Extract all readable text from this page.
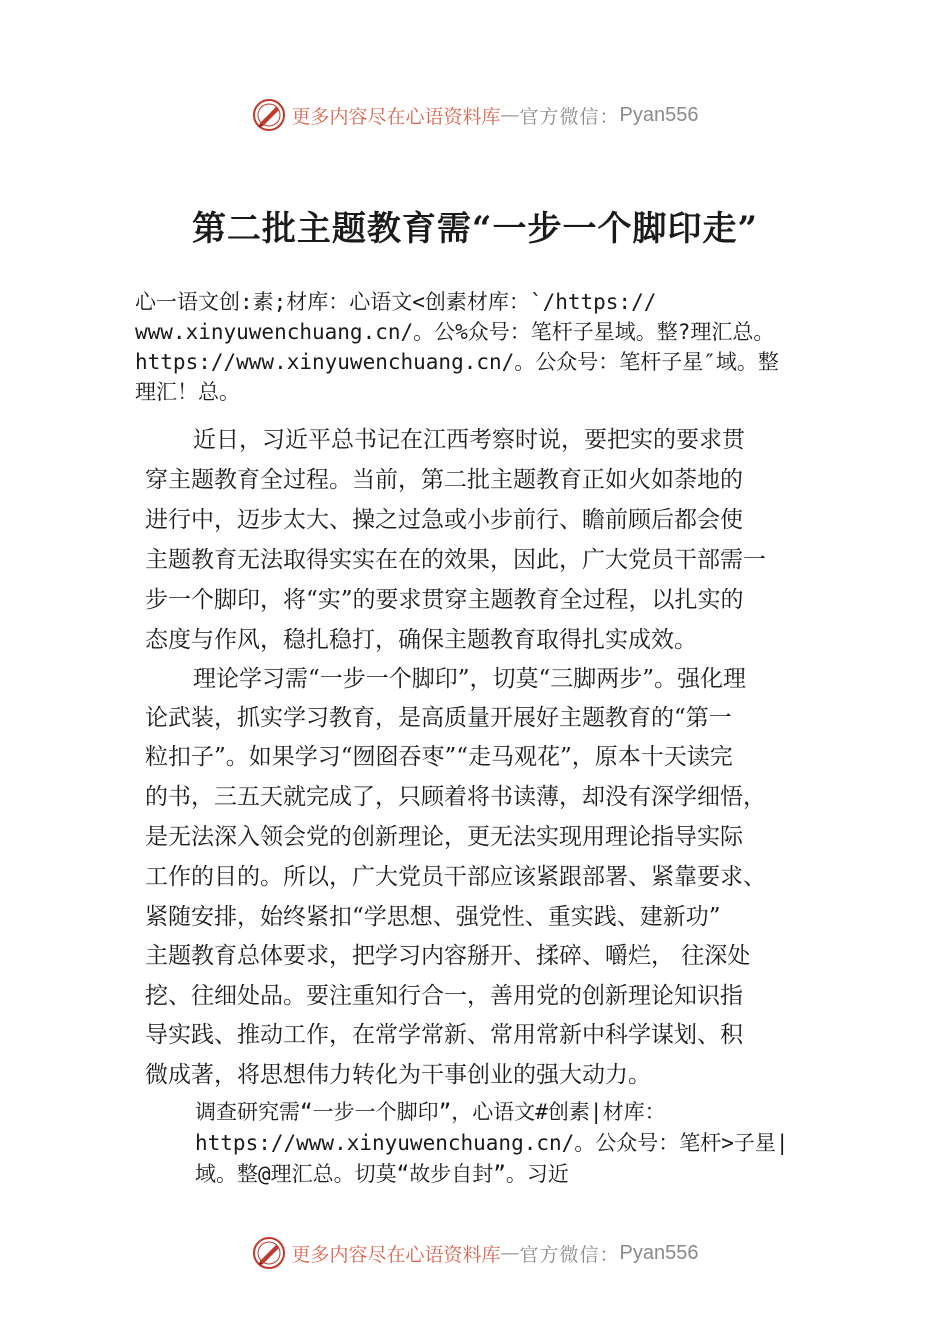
更多内容尽在心语资料库 — 官方微信： Pyan556
第二批主题教育需“一步一个脚印走”
心一语文创:素;材库：心语文<创素材库：`/https://
www.xinyuwenchuang.cn/。公%众号：笔杆子星域。整?理汇总。
https://www.xinyuwenchuang.cn/。公众号：笔杆子星″域。整
理汇！总。
近日，习近平总书记在江西考察时说，要把实的要求贯
穿主题教育全过程。当前，第二批主题教育正如火如荼地的
进行中，迈步太大、操之过急或小步前行、瞻前顾后都会使
主题教育无法取得实实在在的效果，因此，广大党员干部需一
步一个脚印，将“实”的要求贯穿主题教育全过程，以扎实的
态度与作风，稳扎稳打，确保主题教育取得扎实成效。
理论学习需“一步一个脚印”，切莫“三脚两步”。强化理
论武装，抓实学习教育，是高质量开展好主题教育的“第一
粒扣子”。如果学习“囫囵吞枣”“走马观花”，原本十天读完
的书，三五天就完成了，只顾着将书读薄，却没有深学细悟，
是无法深入领会党的创新理论，更无法实现用理论指导实际
工作的目的。所以，广大党员干部应该紧跟部署、紧靠要求、
紧随安排，始终紧扣“学思想、强党性、重实践、建新功”
主题教育总体要求，把学习内容掰开、揉碎、嚼烂， 往深处
挖、往细处品。要注重知行合一，善用党的创新理论知识指
导实践、推动工作，在常学常新、常用常新中科学谋划、积
微成著，将思想伟力转化为干事创业的强大动力。
调查研究需“一步一个脚印”，心语文#创素|材库：
https://www.xinyuwenchuang.cn/。公众号：笔杆>子星|
域。整@理汇总。切莫“故步自封”。习近
更多内容尽在心语资料库 — 官方微信： Pyan556
